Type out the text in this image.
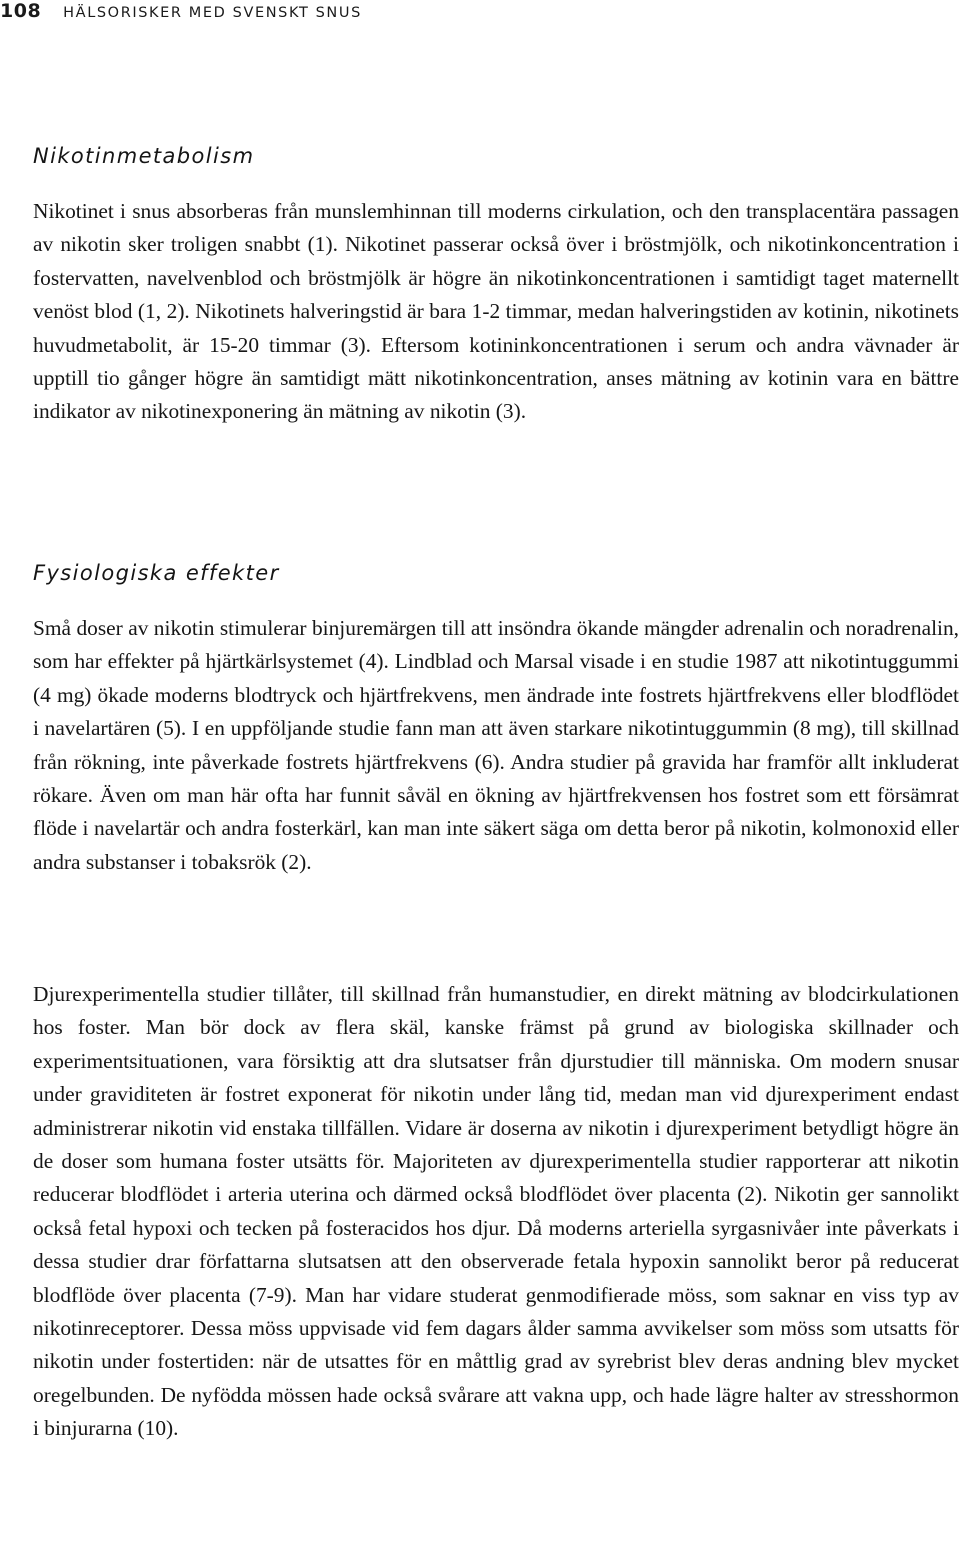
108 HÄLSORISKER MED SVENSKT SNUS
Nikotinmetabolism

Nikotinet i snus absorberas från munslemhinnan till moderns cirkulation, och den transplacentära passagen av nikotin sker troligen snabbt (1). Nikotinet passerar också över i bröstmjölk, och nikotinkoncentration i fostervatten, navelvenblod och bröstmjölk är högre än nikotinkoncentrationen i samtidigt taget maternellt venöst blod (1, 2). Nikotinets halveringstid är bara 1-2 timmar, medan halveringstiden av kotinin, nikotinets huvudmetabolit, är 15-20 timmar (3). Eftersom kotininkoncentrationen i serum och andra vävnader är upptill tio gånger högre än samtidigt mätt nikotinkoncentration, anses mätning av kotinin vara en bättre indikator av nikotinexponering än mätning av nikotin (3).

Fysiologiska effekter

Små doser av nikotin stimulerar binjuremärgen till att insöndra ökande mängder adrenalin och noradrenalin, som har effekter på hjärtkärlsystemet (4). Lindblad och Marsal visade i en studie 1987 att nikotintuggummi (4 mg) ökade moderns blodtryck och hjärtfrekvens, men ändrade inte fostrets hjärtfrekvens eller blodflödet i navelartären (5). I en uppföljande studie fann man att även starkare nikotintuggummin (8 mg), till skillnad från rökning, inte påverkade fostrets hjärtfrekvens (6). Andra studier på gravida har framför allt inkluderat rökare. Även om man här ofta har funnit såväl en ökning av hjärtfrekvensen hos fostret som ett försämrat flöde i navelartär och andra fosterkärl, kan man inte säkert säga om detta beror på nikotin, kolmonoxid eller andra substanser i tobaksrök (2).

Djurexperimentella studier tillåter, till skillnad från humanstudier, en direkt mätning av blodcirkulationen hos foster. Man bör dock av flera skäl, kanske främst på grund av biologiska skillnader och experimentsituationen, vara försiktig att dra slutsatser från djurstudier till människa. Om modern snusar under graviditeten är fostret exponerat för nikotin under lång tid, medan man vid djurexperiment endast administrerar nikotin vid enstaka tillfällen. Vidare är doserna av nikotin i djurexperiment betydligt högre än de doser som humana foster utsätts för. Majoriteten av djurexperimentella studier rapporterar att nikotin reducerar blodflödet i arteria uterina och därmed också blodflödet över placenta (2). Nikotin ger sannolikt också fetal hypoxi och tecken på fosteracidos hos djur. Då moderns arteriella syrgasnivåer inte påverkats i dessa studier drar författarna slutsatsen att den observerade fetala hypoxin sannolikt beror på reducerat blodflöde över placenta (7-9). Man har vidare studerat genmodifierade möss, som saknar en viss typ av nikotinreceptorer. Dessa möss uppvisade vid fem dagars ålder samma avvikelser som möss som utsatts för nikotin under fostertiden: när de utsattes för en måttlig grad av syrebrist blev deras andning blev mycket oregelbunden. De nyfödda mössen hade också svårare att vakna upp, och hade lägre halter av stresshormon i binjurarna (10).
